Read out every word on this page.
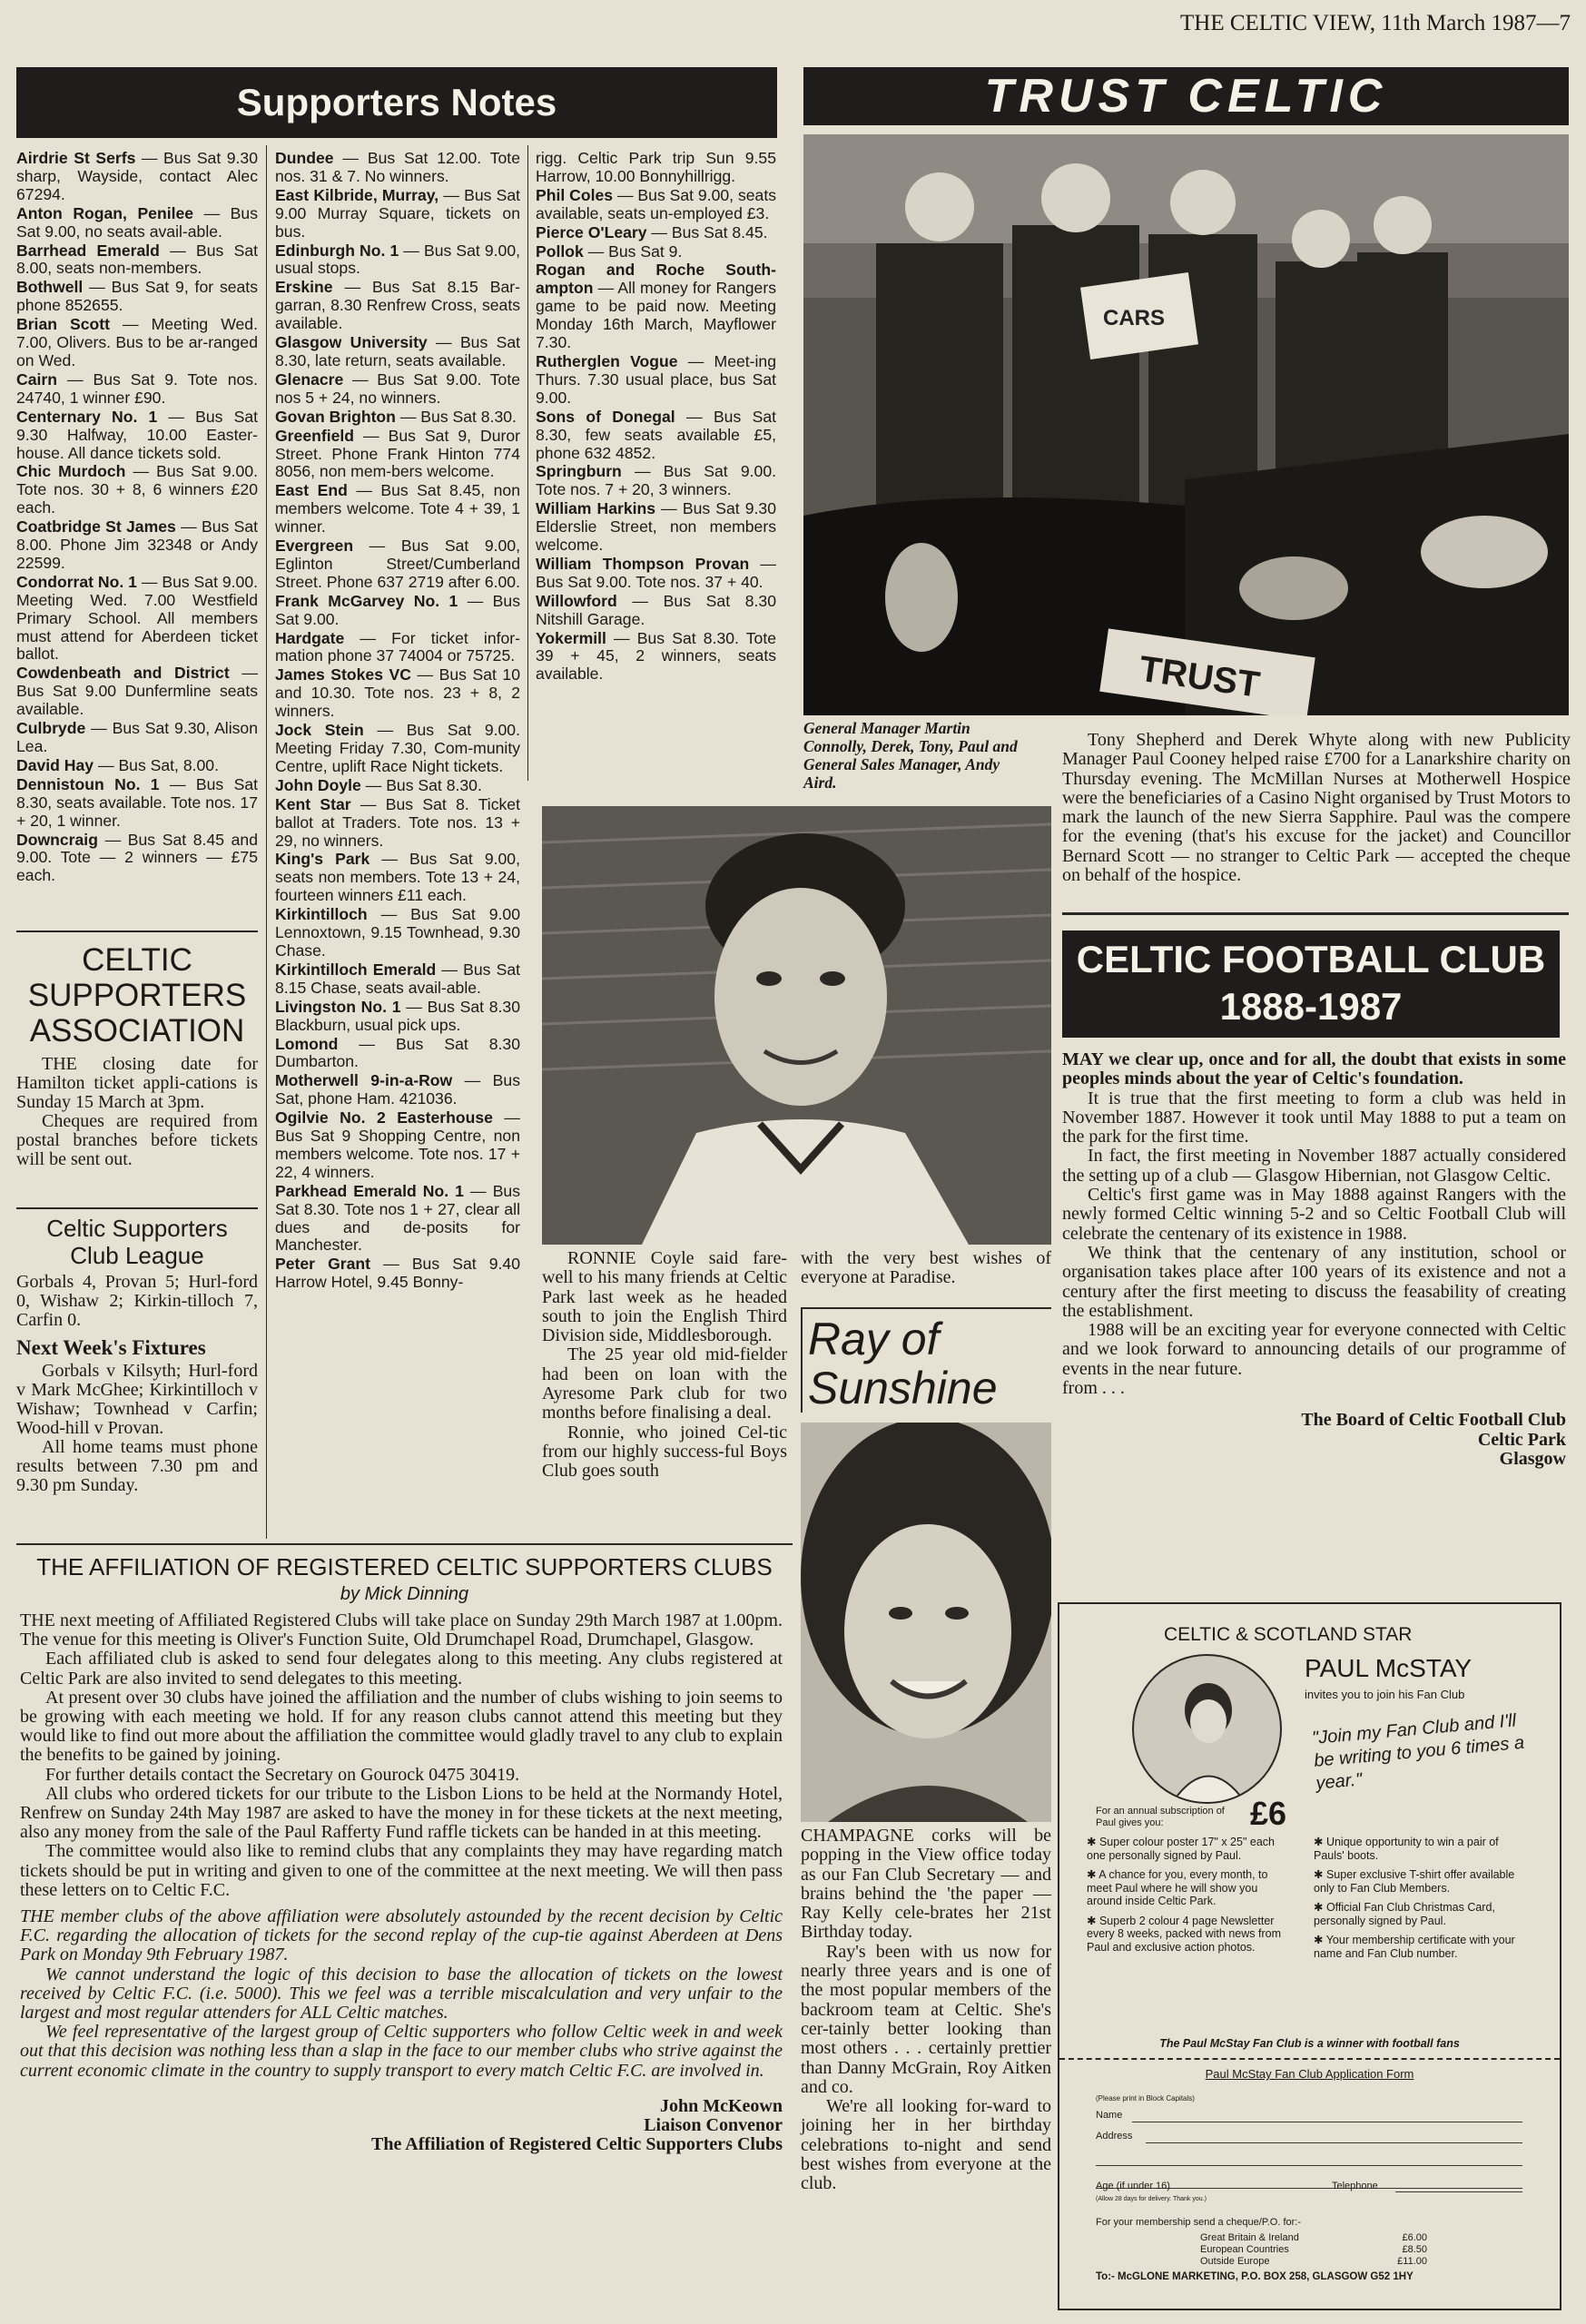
THE CELTIC VIEW, 11th March 1987—7
Supporters Notes

Airdrie St Serfs — Bus Sat 9.30 sharp, Wayside, contact Alec 67294.

Anton Rogan, Penilee — Bus Sat 9.00, no seats avail-able.

Barrhead Emerald — Bus Sat 8.00, seats non-members.

Bothwell — Bus Sat 9, for seats phone 852655.

Brian Scott — Meeting Wed. 7.00, Olivers. Bus to be ar-ranged on Wed.

Cairn — Bus Sat 9. Tote nos. 24740, 1 winner £90.

Centernary No. 1 — Bus Sat 9.30 Halfway, 10.00 Easter-house. All dance tickets sold.

Chic Murdoch — Bus Sat 9.00. Tote nos. 30 + 8, 6 winners £20 each.

Coatbridge St James — Bus Sat 8.00. Phone Jim 32348 or Andy 22599.

Condorrat No. 1 — Bus Sat 9.00. Meeting Wed. 7.00 Westfield Primary School. All members must attend for Aberdeen ticket ballot.

Cowdenbeath and District — Bus Sat 9.00 Dunfermline seats available.

Culbryde — Bus Sat 9.30, Alison Lea.

David Hay — Bus Sat, 8.00.

Dennistoun No. 1 — Bus Sat 8.30, seats available. Tote nos. 17 + 20, 1 winner.

Downcraig — Bus Sat 8.45 and 9.00. Tote — 2 winners — £75 each.

Dundee — Bus Sat 12.00. Tote nos. 31 & 7. No winners.

East Kilbride, Murray, — Bus Sat 9.00 Murray Square, tickets on bus.

Edinburgh No. 1 — Bus Sat 9.00, usual stops.

Erskine — Bus Sat 8.15 Bar-garran, 8.30 Renfrew Cross, seats available.

Glasgow University — Bus Sat 8.30, late return, seats available.

Glenacre — Bus Sat 9.00. Tote nos 5 + 24, no winners.

Govan Brighton — Bus Sat 8.30.

Greenfield — Bus Sat 9, Duror Street. Phone Frank Hinton 774 8056, non mem-bers welcome.

East End — Bus Sat 8.45, non members welcome. Tote 4 + 39, 1 winner.

Evergreen — Bus Sat 9.00, Eglinton Street/Cumberland Street. Phone 637 2719 after 6.00.

Frank McGarvey No. 1 — Bus Sat 9.00.

Hardgate — For ticket infor-mation phone 37 74004 or 75725.

James Stokes VC — Bus Sat 10 and 10.30. Tote nos. 23 + 8, 2 winners.

Jock Stein — Bus Sat 9.00. Meeting Friday 7.30, Com-munity Centre, uplift Race Night tickets.

John Doyle — Bus Sat 8.30.

Kent Star — Bus Sat 8. Ticket ballot at Traders. Tote nos. 13 + 29, no winners.

King's Park — Bus Sat 9.00, seats non members. Tote 13 + 24, fourteen winners £11 each.

Kirkintilloch — Bus Sat 9.00 Lennoxtown, 9.15 Townhead, 9.30 Chase.

Kirkintilloch Emerald — Bus Sat 8.15 Chase, seats avail-able.

Livingston No. 1 — Bus Sat 8.30 Blackburn, usual pick ups.

Lomond — Bus Sat 8.30 Dumbarton.

Motherwell 9-in-a-Row — Bus Sat, phone Ham. 421036.

Ogilvie No. 2 Easterhouse — Bus Sat 9 Shopping Centre, non members welcome. Tote nos. 17 + 22, 4 winners.

Parkhead Emerald No. 1 — Bus Sat 8.30. Tote nos 1 + 27, clear all dues and de-posits for Manchester.

Peter Grant — Bus Sat 9.40 Harrow Hotel, 9.45 Bonny-

rigg. Celtic Park trip Sun 9.55 Harrow, 10.00 Bonnyhillrigg.

Phil Coles — Bus Sat 9.00, seats available, seats un-employed £3.

Pierce O'Leary — Bus Sat 8.45.

Pollok — Bus Sat 9.

Rogan and Roche South-ampton — All money for Rangers game to be paid now. Meeting Monday 16th March, Mayflower 7.30.

Rutherglen Vogue — Meet-ing Thurs. 7.30 usual place, bus Sat 9.00.

Sons of Donegal — Bus Sat 8.30, few seats available £5, phone 632 4852.

Springburn — Bus Sat 9.00. Tote nos. 7 + 20, 3 winners.

William Harkins — Bus Sat 9.30 Elderslie Street, non members welcome.

William Thompson Provan — Bus Sat 9.00. Tote nos. 37 + 40.

Willowford — Bus Sat 8.30 Nitshill Garage.

Yokermill — Bus Sat 8.30. Tote 39 + 45, 2 winners, seats available.

CELTIC
SUPPORTERS
ASSOCIATION

THE closing date for Hamilton ticket appli-cations is Sunday 15 March at 3pm.

Cheques are required from postal branches before tickets will be sent out.

Celtic Supporters
Club League

Gorbals 4, Provan 5; Hurl-ford 0, Wishaw 2; Kirkin-tilloch 7, Carfin 0.

Next Week's Fixtures

Gorbals v Kilsyth; Hurl-ford v Mark McGhee; Kirkintilloch v Wishaw; Townhead v Carfin; Wood-hill v Provan.

All home teams must phone results between 7.30 pm and 9.30 pm Sunday.

TRUST CELTIC
CARS
TRUST
General Manager Martin Connolly, Derek, Tony, Paul and General Sales Manager, Andy Aird.

Tony Shepherd and Derek Whyte along with new Publicity Manager Paul Cooney helped raise £700 for a Lanarkshire charity on Thursday evening. The McMillan Nurses at Motherwell Hospice were the beneficiaries of a Casino Night organised by Trust Motors to mark the launch of the new Sierra Sapphire. Paul was the compere for the evening (that's his excuse for the jacket) and Councillor Bernard Scott — no stranger to Celtic Park — accepted the cheque on behalf of the hospice.

RONNIE Coyle said fare-well to his many friends at Celtic Park last week as he headed south to join the English Third Division side, Middlesborough.

The 25 year old mid-fielder had been on loan with the Ayresome Park club for two months before finalising a deal.

Ronnie, who joined Cel-tic from our highly success-ful Boys Club goes south

with the very best wishes of everyone at Paradise.

Ray of
Sunshine

CHAMPAGNE corks will be popping in the View office today as our Fan Club Secretary — and brains behind the 'the paper — Ray Kelly cele-brates her 21st Birthday today.

Ray's been with us now for nearly three years and is one of the most popular members of the backroom team at Celtic. She's cer-tainly better looking than most others . . . certainly prettier than Danny McGrain, Roy Aitken and co.

We're all looking for-ward to joining her in her birthday celebrations to-night and send best wishes from everyone at the club.

CELTIC FOOTBALL CLUB
1888-1987

MAY we clear up, once and for all, the doubt that exists in some peoples minds about the year of Celtic's foundation.

It is true that the first meeting to form a club was held in November 1887. However it took until May 1888 to put a team on the park for the first time.

In fact, the first meeting in November 1887 actually considered the setting up of a club — Glasgow Hibernian, not Glasgow Celtic.

Celtic's first game was in May 1888 against Rangers with the newly formed Celtic winning 5-2 and so Celtic Football Club will celebrate the centenary of its existence in 1988.

We think that the centenary of any institution, school or organisation takes place after 100 years of its existence and not a century after the first meeting to discuss the feasability of creating the establishment.

1988 will be an exciting year for everyone connected with Celtic and we look forward to announcing details of our programme of events in the near future.

from . . .

The Board of Celtic Football Club
Celtic Park
Glasgow
THE AFFILIATION OF REGISTERED CELTIC SUPPORTERS CLUBS
by Mick Dinning

THE next meeting of Affiliated Registered Clubs will take place on Sunday 29th March 1987 at 1.00pm. The venue for this meeting is Oliver's Function Suite, Old Drumchapel Road, Drumchapel, Glasgow.

Each affiliated club is asked to send four delegates along to this meeting. Any clubs registered at Celtic Park are also invited to send delegates to this meeting.

At present over 30 clubs have joined the affiliation and the number of clubs wishing to join seems to be growing with each meeting we hold. If for any reason clubs cannot attend this meeting but they would like to find out more about the affiliation the committee would gladly travel to any club to explain the benefits to be gained by joining.

For further details contact the Secretary on Gourock 0475 30419.

All clubs who ordered tickets for our tribute to the Lisbon Lions to be held at the Normandy Hotel, Renfrew on Sunday 24th May 1987 are asked to have the money in for these tickets at the next meeting, also any money from the sale of the Paul Rafferty Fund raffle tickets can be handed in at this meeting.

The committee would also like to remind clubs that any complaints they may have regarding match tickets should be put in writing and given to one of the committee at the next meeting. We will then pass these letters on to Celtic F.C.

THE member clubs of the above affiliation were absolutely astounded by the recent decision by Celtic F.C. regarding the allocation of tickets for the second replay of the cup-tie against Aberdeen at Dens Park on Monday 9th February 1987.

We cannot understand the logic of this decision to base the allocation of tickets on the lowest received by Celtic F.C. (i.e. 5000). This we feel was a terrible miscalculation and very unfair to the largest and most regular attenders for ALL Celtic matches.

We feel representative of the largest group of Celtic supporters who follow Celtic week in and week out that this decision was nothing less than a slap in the face to our member clubs who strive against the current economic climate in the country to supply transport to every match Celtic F.C. are involved in.

John McKeown
Liaison Convenor
The Affiliation of Registered Celtic Supporters Clubs
CELTIC & SCOTLAND STAR
PAUL McSTAY
invites you to join his Fan Club
"Join my Fan Club and I'll be writing to you 6 times a year."
For an annual subscription of Paul gives you:	£6
✱ Super colour poster 17" x 25" each one personally signed by Paul.
✱ A chance for you, every month, to meet Paul where he will show you around inside Celtic Park.
✱ Superb 2 colour 4 page Newsletter every 8 weeks, packed with news from Paul and exclusive action photos.
✱ Unique opportunity to win a pair of Pauls' boots.
✱ Super exclusive T-shirt offer available only to Fan Club Members.
✱ Official Fan Club Christmas Card, personally signed by Paul.
✱ Your membership certificate with your name and Fan Club number.
The Paul McStay Fan Club is a winner with football fans
Paul McStay Fan Club Application Form
(Please print in Block Capitals)
Name
Address
Age (if under 16)	Telephone
(Allow 28 days for delivery. Thank you.)
For your membership send a cheque/P.O. for:-
Great Britain & Ireland	£6.00
European Countries	£8.50
Outside Europe	£11.00
To:- McGLONE MARKETING, P.O. BOX 258, GLASGOW G52 1HY
